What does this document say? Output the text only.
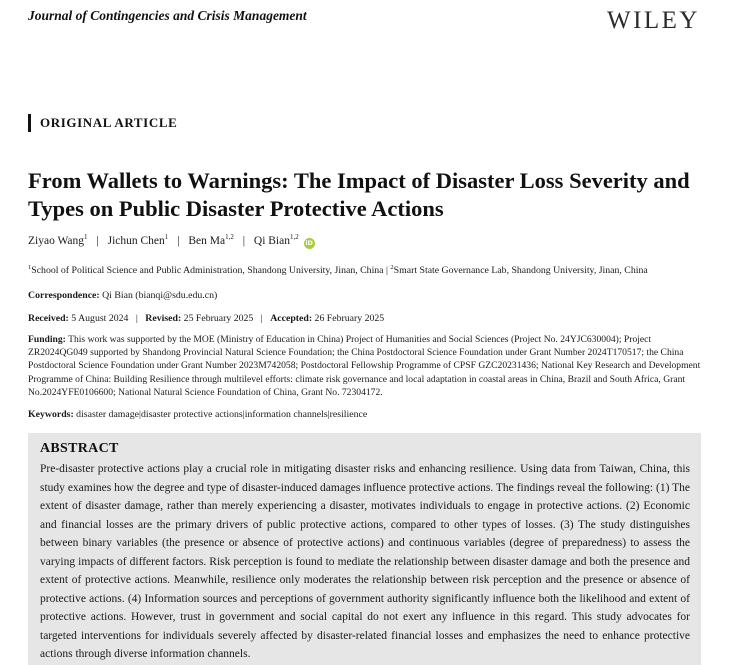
Journal of Contingencies and Crisis Management	WILEY
ORIGINAL ARTICLE
From Wallets to Warnings: The Impact of Disaster Loss Severity and Types on Public Disaster Protective Actions
Ziyao Wang$^1$ | Jichun Chen$^1$ | Ben Ma$^{1,2}$ | Qi Bian$^{1,2}$ iD
$^1$School of Political Science and Public Administration, Shandong University, Jinan, China | $^2$Smart State Governance Lab, Shandong University, Jinan, China
Correspondence: Qi Bian (bianqi@sdu.edu.cn)
Received: 5 August 2024 | Revised: 25 February 2025 | Accepted: 26 February 2025
Funding: This work was supported by the MOE (Ministry of Education in China) Project of Humanities and Social Sciences (Project No. 24YJC630004); Project ZR2024QG049 supported by Shandong Provincial Natural Science Foundation; the China Postdoctoral Science Foundation under Grant Number 2024T170517; the China Postdoctoral Science Foundation under Grant Number 2023M742058; Postdoctoral Fellowship Programme of CPSF GZC20231436; National Key Research and Development Programme of China: Building Resilience through multilevel efforts: climate risk governance and local adaptation in coastal areas in China, Brazil and South Africa, Grant No.2024YFE0106600; National Natural Science Foundation of China, Grant No. 72304172.
Keywords: disaster damage|disaster protective actions|information channels|resilience
ABSTRACT
Pre-disaster protective actions play a crucial role in mitigating disaster risks and enhancing resilience. Using data from Taiwan, China, this study examines how the degree and type of disaster-induced damages influence protective actions. The findings reveal the following: (1) The extent of disaster damage, rather than merely experiencing a disaster, motivates individuals to engage in protective actions. (2) Economic and financial losses are the primary drivers of public protective actions, compared to other types of losses. (3) The study distinguishes between binary variables (the presence or absence of protective actions) and continuous variables (degree of preparedness) to assess the varying impacts of different factors. Risk perception is found to mediate the relationship between disaster damage and both the presence and extent of protective actions. Meanwhile, resilience only moderates the relationship between risk perception and the presence or absence of protective actions. (4) Information sources and perceptions of government authority significantly influence both the likelihood and extent of protective actions. However, trust in government and social capital do not exert any influence in this regard. This study advocates for targeted interventions for individuals severely affected by disaster-related financial losses and emphasizes the need to enhance protective actions through diverse information channels.
